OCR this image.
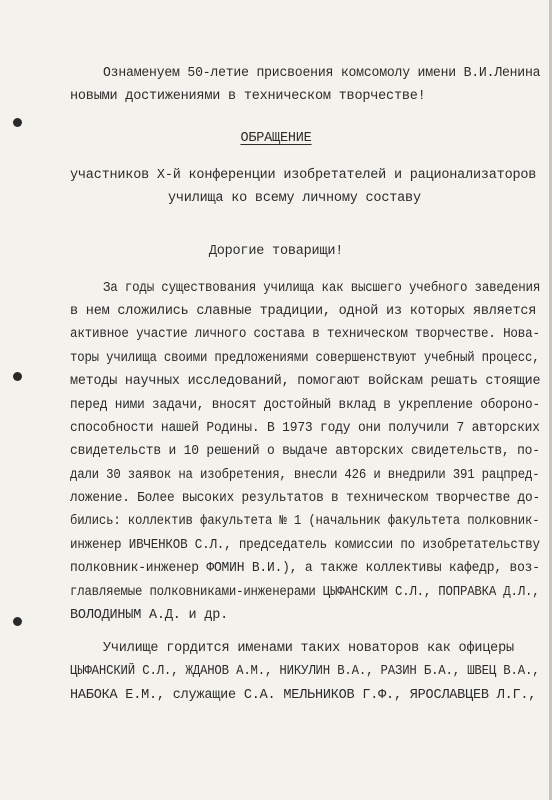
Ознаменуем 50-летие присвоения комсомолу имени В.И.Ленина
новыми достижениями в техническом творчестве!
ОБРАЩЕНИЕ
участников Х-й конференции изобретателей и рационализаторов
училища ко всему личному составу
Дорогие товарищи!
За годы существования училища как высшего учебного заведения
в нем сложились славные традиции, одной из которых является
активное участие личного состава в техническом творчестве. Нова-
торы училища своими предложениями совершенствуют учебный процесс,
методы научных исследований, помогают войскам решать стоящие
перед ними задачи, вносят достойный вклад в укрепление обороно-
способности нашей Родины. В 1973 году они получили 7 авторских
свидетельств и 10 решений о выдаче авторских свидетельств, по-
дали 30 заявок на изобретения, внесли 426 и внедрили 391 рацпред-
ложение. Более высоких результатов в техническом творчестве до-
бились: коллектив факультета № 1 (начальник факультета полковник-
инженер ИВЧЕНКОВ С.Л., председатель комиссии по изобретательству
полковник-инженер ФОМИН В.И.), а также коллективы кафедр, воз-
главляемые полковниками-инженерами ЦЫФАНСКИМ С.Л., ПОПРАВКА Д.Л.,
ВОЛОДИНЫМ А.Д. и др.
Училище гордится именами таких новаторов как офицеры
ЦЫФАНСКИЙ С.Л., ЖДАНОВ А.М., НИКУЛИН В.А., РАЗИН Б.А., ШВЕЦ В.А.,
НАБОКА Е.М., служащие С.А. МЕЛЬНИКОВ Г.Ф., ЯРОСЛАВЦЕВ Л.Г.,
